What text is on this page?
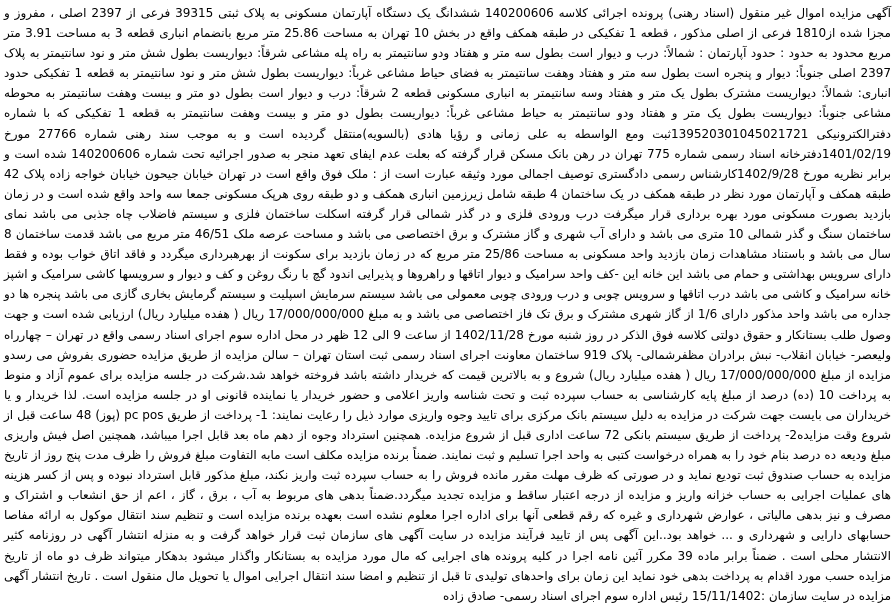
آگهی مزایده اموال غیر منقول (اسناد رهنی) پرونده اجرائی کلاسه 140200606 ششدانگ یک دستگاه آپارتمان مسکونی به پلاک ثبتی 39315 فرعی از 2397 اصلی ، مفروز و مجزا شده از1810 فرعی از اصلی مذکور ، قطعه 1 تفکیکی در طبقه همکف واقع در بخش 10 تهران به مساحت 25.86 متر مربع بانضمام انباری قطعه 3 به مساحت 3.91 متر مربع محدود به حدود : حدود آپارتمان : شمالاً: درب و دیوار است بطول سه متر و هفتاد ودو سانتیمتر به راه پله مشاعی شرقاً: دیواریست بطول شش متر و نود سانتیمتر به پلاک 2397 اصلی جنوباً: دیوار و پنجره است بطول سه متر و هفتاد وهفت سانتیمتر به فضای حیاط مشاعی غرباً: دیواریست بطول شش متر و نود سانتیمتر به قطعه 1 تفکیکی حدود انباری: شمالاً: دیواریست مشترک بطول یک متر و هفتاد وسه سانتیمتر به انباری مسکونی قطعه 2 شرقاً: درب و دیوار است بطول دو متر و بیست وهفت سانتیمتر به محوطه مشاعی جنوباً: دیواریست بطول یک متر و هفتاد ودو سانتیمتر به حیاط مشاعی غرباً: دیواریست بطول دو متر و بیست وهفت سانتیمتر به قطعه 1 تفکیکی که با شماره دفترالکترونیکی 139520301045021721ثبت ومع الواسطه به علی زمانی و رؤیا هادی (بالسویه)منتقل گردیده است و به موجب سند رهنی شماره 27766 مورخ 1401/02/19دفترخانه اسناد رسمی شماره 775 تهران در رهن بانک مسکن قرار گرفته که بعلت عدم ایفای تعهد منجر به صدور اجرائیه تحت شماره 140200606 شده است و برابر نظریه مورخ 1402/9/28کارشناس رسمی دادگستری توصیف اجمالی مورد وثیقه عبارت است از : ملک فوق واقع است در تهران خیابان جیحون خیابان خواجه زاده پلاک 42 طبقه همکف و آپارتمان مورد نظر در طبقه همکف در یک ساختمان 4 طبقه شامل زیرزمین انباری همکف و دو طبقه روی هرپک مسکونی جمعا سه واحد واقع شده است و در زمان بازدید بصورت مسکونی مورد بهره برداری قرار میگرفت درب ورودی فلزی و در گذر شمالی قرار گرفته اسکلت ساختمان فلزی و سیستم فاضلاب چاه جذبی می باشد نمای ساختمان سنگ و گذر شمالی 10 متری می باشد و دارای آب شهری و گاز مشترک و برق اختصاصی می باشد و مساحت عرصه ملک 46/51 متر مربع می باشد قدمت ساختمان 8 سال می باشد و باستناد مشاهدات زمان بازدید واحد مسکونی به مساحت 25/86 متر مربع که در زمان بازدید برای سکونت از بهرهبرداری میگردد و فاقد اتاق خواب بوده و فقط دارای سرویس بهداشتی و حمام می باشد این خانه این -کف واحد سرامیک و دیوار اتاقها و راهروها و پذیرایی اندود گچ با رنگ روغن و کف و دیوار و سرویسها کاشی سرامیک و اشپز خانه سرامیک و کاشی می باشد درب اتاقها و سرویس چوبی و درب ورودی چوبی معمولی می باشد سیستم سرمایش اسپلیت و سیستم گرمایش بخاری گازی می باشد پنجره ها دو جداره می باشد واحد مذکور دارای 1/6 از گاز شهری مشترک و برق تک فاز اختصاصی می باشد و به مبلغ 17/000/000/000 ریال ( هفده میلیارد ریال) ارزیابی شده است و جهت وصول طلب بستانکار و حقوق دولتی کلاسه فوق الذکر در روز شنبه مورخ 1402/11/28 از ساعت 9 الی 12 ظهر در محل اداره سوم اجرای اسناد رسمی واقع در تهران – چهارراه ولیعصر- خیابان انقلاب- نبش برادران مظفرشمالی- پلاک 919 ساختمان معاونت اجرای اسناد رسمی ثبت استان تهران – سالن مزایده از طریق مزایده حضوری بفروش می رسدو مزایده از مبلغ 17/000/000/000 ریال ( هفده میلیارد ریال) شروع و به بالاترین قیمت که خریدار داشته باشد فروخته خواهد شد.شرکت در جلسه مزایده برای عموم آزاد و منوط به پرداخت 10 (ده) درصد از مبلغ پایه کارشناسی به حساب سپرده ثبت و تحت شناسه واریز اعلامی و حضور خریدار یا نماینده قانونی او در جلسه مزایده است. لذا خریدار و یا خریداران می بایست جهت شرکت در مزایده به دلیل سیستم بانک مرکزی برای تایید وجوه واریزی موارد ذیل را رعایت نمایند: 1- پرداخت از طریق pc pos (پوز) 48 ساعت قبل از شروع وقت مزایده2- پرداخت از طریق سیستم بانکی 72 ساعت اداری قبل از شروع مزایده. همچنین استرداد وجوه از دهم ماه بعد قابل اجرا میباشد، همچنین اصل فیش واریزی مبلغ ودیعه ده درصد بنام خود را به همراه درخواست کتبی به واحد اجرا تسلیم و ثبت نمایند. ضمناً برنده مزایده مکلف است مابه التفاوت مبلغ فروش را ظرف مدت پنج روز از تاریخ مزایده به حساب صندوق ثبت تودیع نماید و در صورتی که ظرف مهلت مقرر مانده فروش را به حساب سپرده ثبت واریز نکند، مبلغ مذکور قابل استرداد نبوده و پس از کسر هزینه های عملیات اجرایی به حساب خزانه واریز و مزایده از درجه اعتبار ساقط و مزایده تجدید میگردد.ضمناً بدهی های مربوط به آب ، برق ، گاز ، اعم از حق انشعاب و اشتراک و مصرف و نیز بدهی مالیاتی ، عوارض شهرداری و غیره که رقم قطعی آنها برای اداره اجرا معلوم نشده است بعهده برنده مزایده است و تنظیم سند انتقال موکول به ارائه مفاصا حسابهای دارایی و شهرداری و ... خواهد بود..این آگهی پس از تایید فرآیند مزایده در سایت آگهی های سازمان ثبت قرار خواهد گرفت و به منزله انتشار آگهی در روزنامه کثیر الانتشار محلی است . ضمناً برابر ماده 39 مکرر آئین نامه اجرا در کلیه پرونده های اجرایی که مال مورد مزایده به بستانکار واگذار میشود بدهکار میتواند ظرف دو ماه از تاریخ مزایده حسب مورد اقدام به پرداخت بدهی خود نماید این زمان برای واحدهای تولیدی تا قبل از تنظیم و امضا سند انتقال اجرایی اموال یا تحویل مال منقول است . تاریخ انتشار آگهی مزایده در سایت سازمان :15/11/1402 رئیس اداره سوم اجرای اسناد رسمی- صادق زاده
